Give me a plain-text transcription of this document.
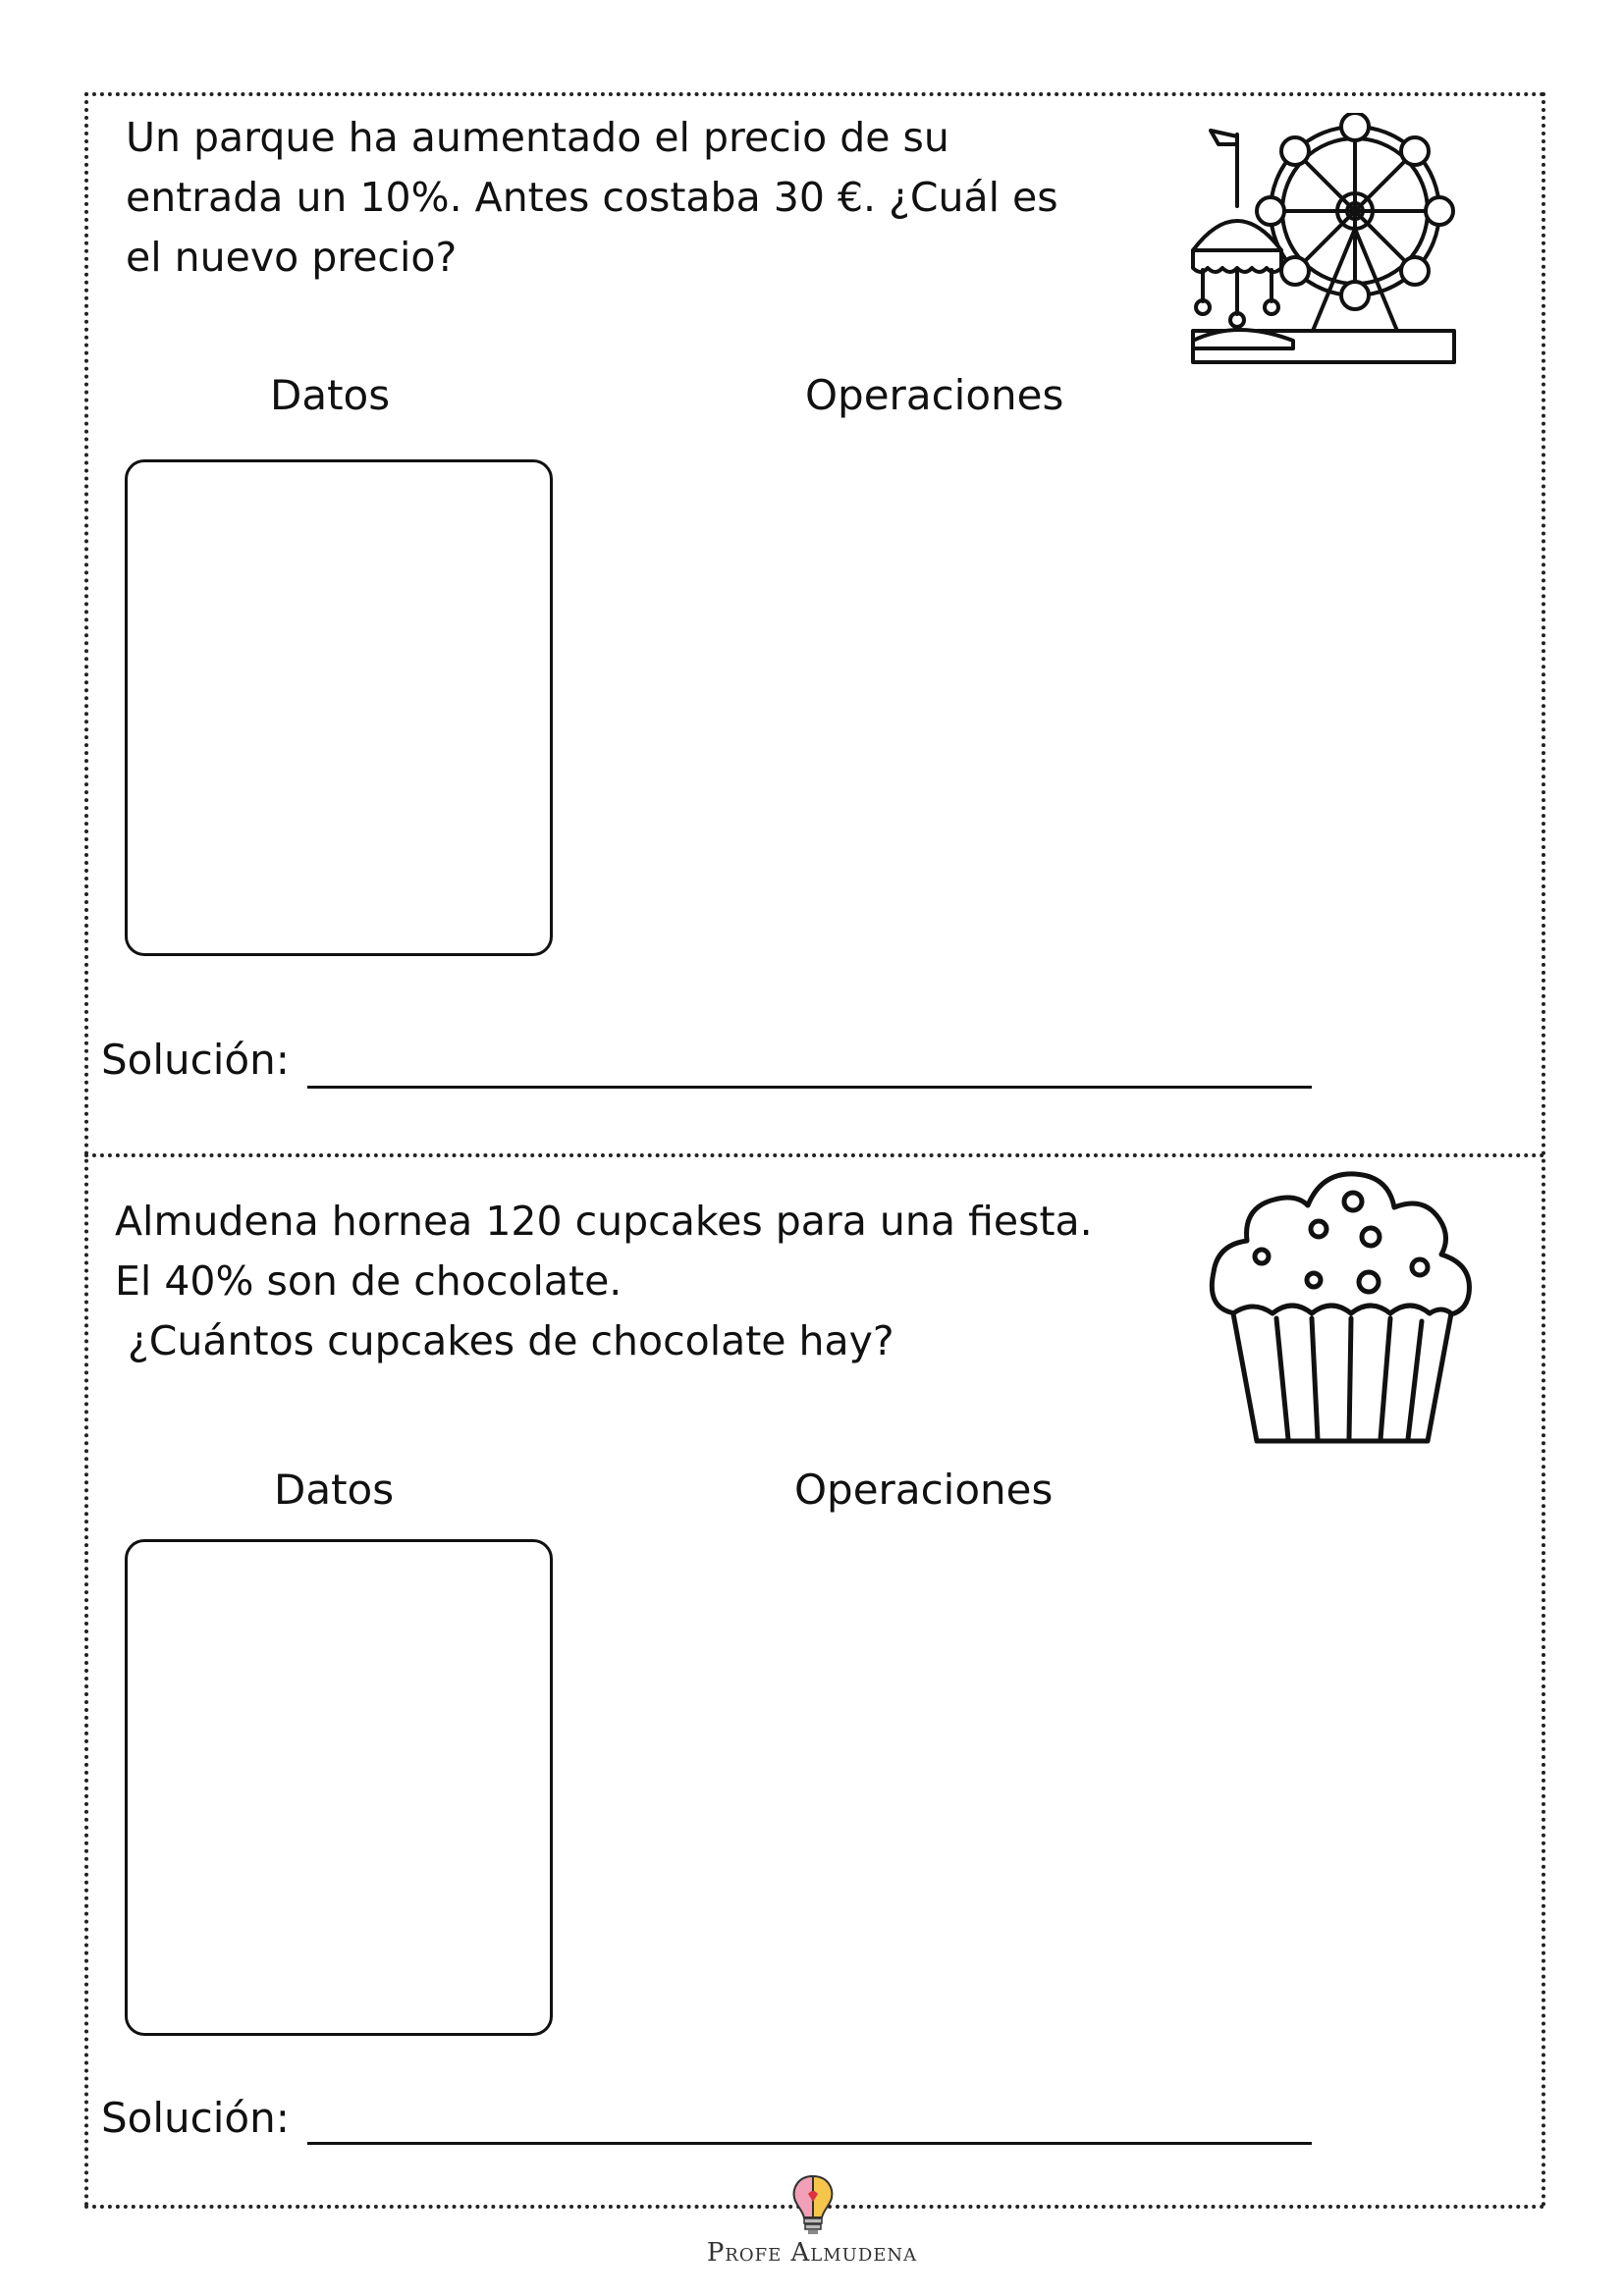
Un parque ha aumentado el precio de su
entrada un 10%. Antes costaba 30 €. ¿Cuál es
el nuevo precio?

Datos	Operaciones
Solución:

Almudena hornea 120 cupcakes para una fiesta.
El 40% son de chocolate.
¿Cuántos cupcakes de chocolate hay?

Datos	Operaciones
Solución:
Profe Almudena
